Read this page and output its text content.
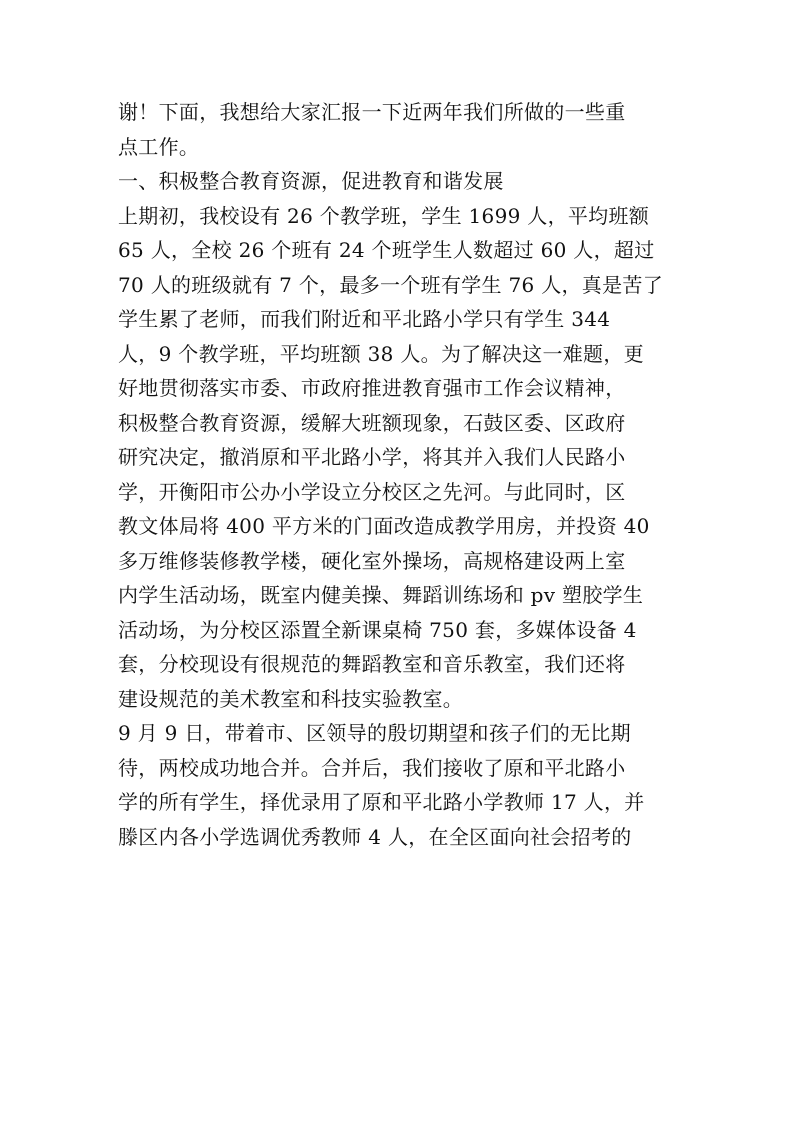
谢！下面，我想给大家汇报一下近两年我们所做的一些重
点工作。
一、积极整合教育资源，促进教育和谐发展
上期初，我校设有 26 个教学班，学生 1699 人，平均班额
65 人，全校 26 个班有 24 个班学生人数超过 60 人，超过
70 人的班级就有 7 个，最多一个班有学生 76 人，真是苦了
学生累了老师，而我们附近和平北路小学只有学生 344
人，9 个教学班，平均班额 38 人。为了解决这一难题，更
好地贯彻落实市委、市政府推进教育强市工作会议精神，
积极整合教育资源，缓解大班额现象，石鼓区委、区政府
研究决定，撤消原和平北路小学，将其并入我们人民路小
学，开衡阳市公办小学设立分校区之先河。与此同时，区
教文体局将 400 平方米的门面改造成教学用房，并投资 40
多万维修装修教学楼，硬化室外操场，高规格建设两上室
内学生活动场，既室内健美操、舞蹈训练场和 pv 塑胶学生
活动场，为分校区添置全新课桌椅 750 套，多媒体设备 4
套，分校现设有很规范的舞蹈教室和音乐教室，我们还将
建设规范的美术教室和科技实验教室。
9 月 9 日，带着市、区领导的殷切期望和孩子们的无比期
待，两校成功地合并。合并后，我们接收了原和平北路小
学的所有学生，择优录用了原和平北路小学教师 17 人，并
滕区内各小学选调优秀教师 4 人，在全区面向社会招考的
